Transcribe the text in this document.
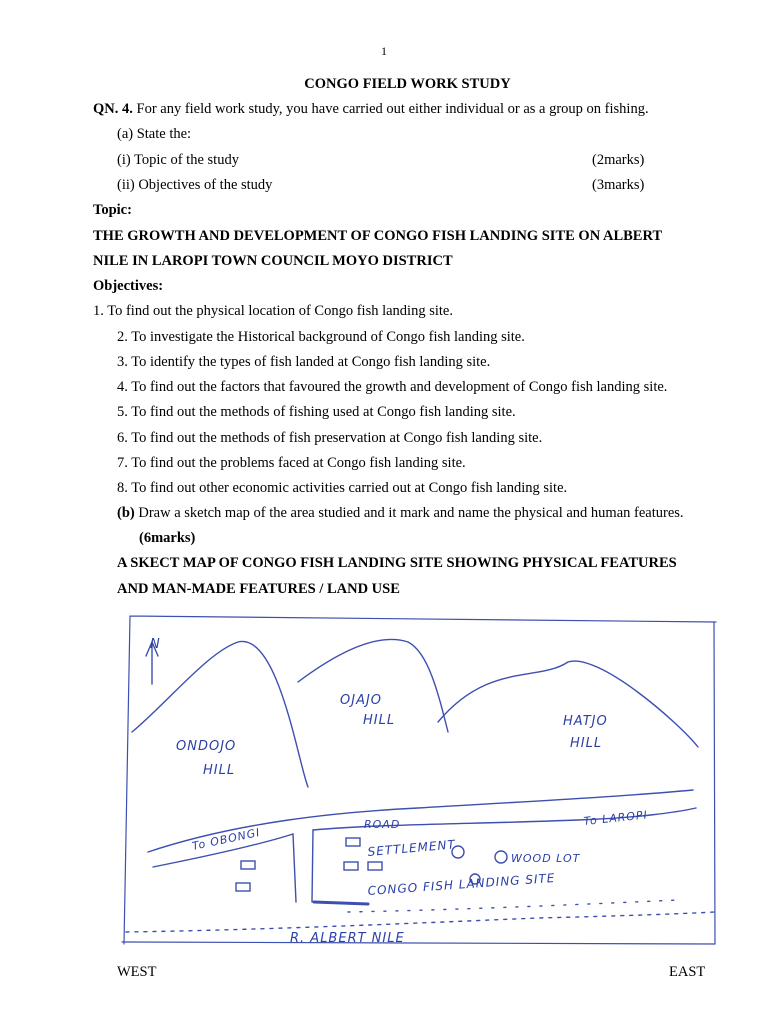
1
CONGO FIELD WORK STUDY
QN. 4. For any field work study, you have carried out either individual or as a group on fishing.
(a) State the:
(i) Topic of the study	(2marks)
(ii) Objectives of the study	(3marks)
Topic:
THE GROWTH AND DEVELOPMENT OF CONGO FISH LANDING SITE ON ALBERT
NILE IN LAROPI TOWN COUNCIL MOYO DISTRICT
Objectives:
1. To find out the physical location of Congo fish landing site.
2. To investigate the Historical background of Congo fish landing site.
3. To identify the types of fish landed at Congo fish landing site.
4. To find out the factors that favoured the growth and development of Congo fish landing site.
5. To find out the methods of fishing used at Congo fish landing site.
6. To find out the methods of fish preservation at Congo fish landing site.
7. To find out the problems faced at Congo fish landing site.
8. To find out other economic activities carried out at Congo fish landing site.
(b) Draw a sketch map of the area studied and it mark and name the physical and human features.
(6marks)
A SKECT MAP OF CONGO FISH LANDING SITE SHOWING PHYSICAL FEATURES
AND MAN-MADE FEATURES / LAND USE
N
ONDOJO
HILL
OJAJO
HILL	HATJO
HILL
ROAD
To OBONGI
To LAROPI
SETTLEMENT	WOOD LOT
CONGO FISH LANDING SITE
R. ALBERT NILE
WEST	EAST
